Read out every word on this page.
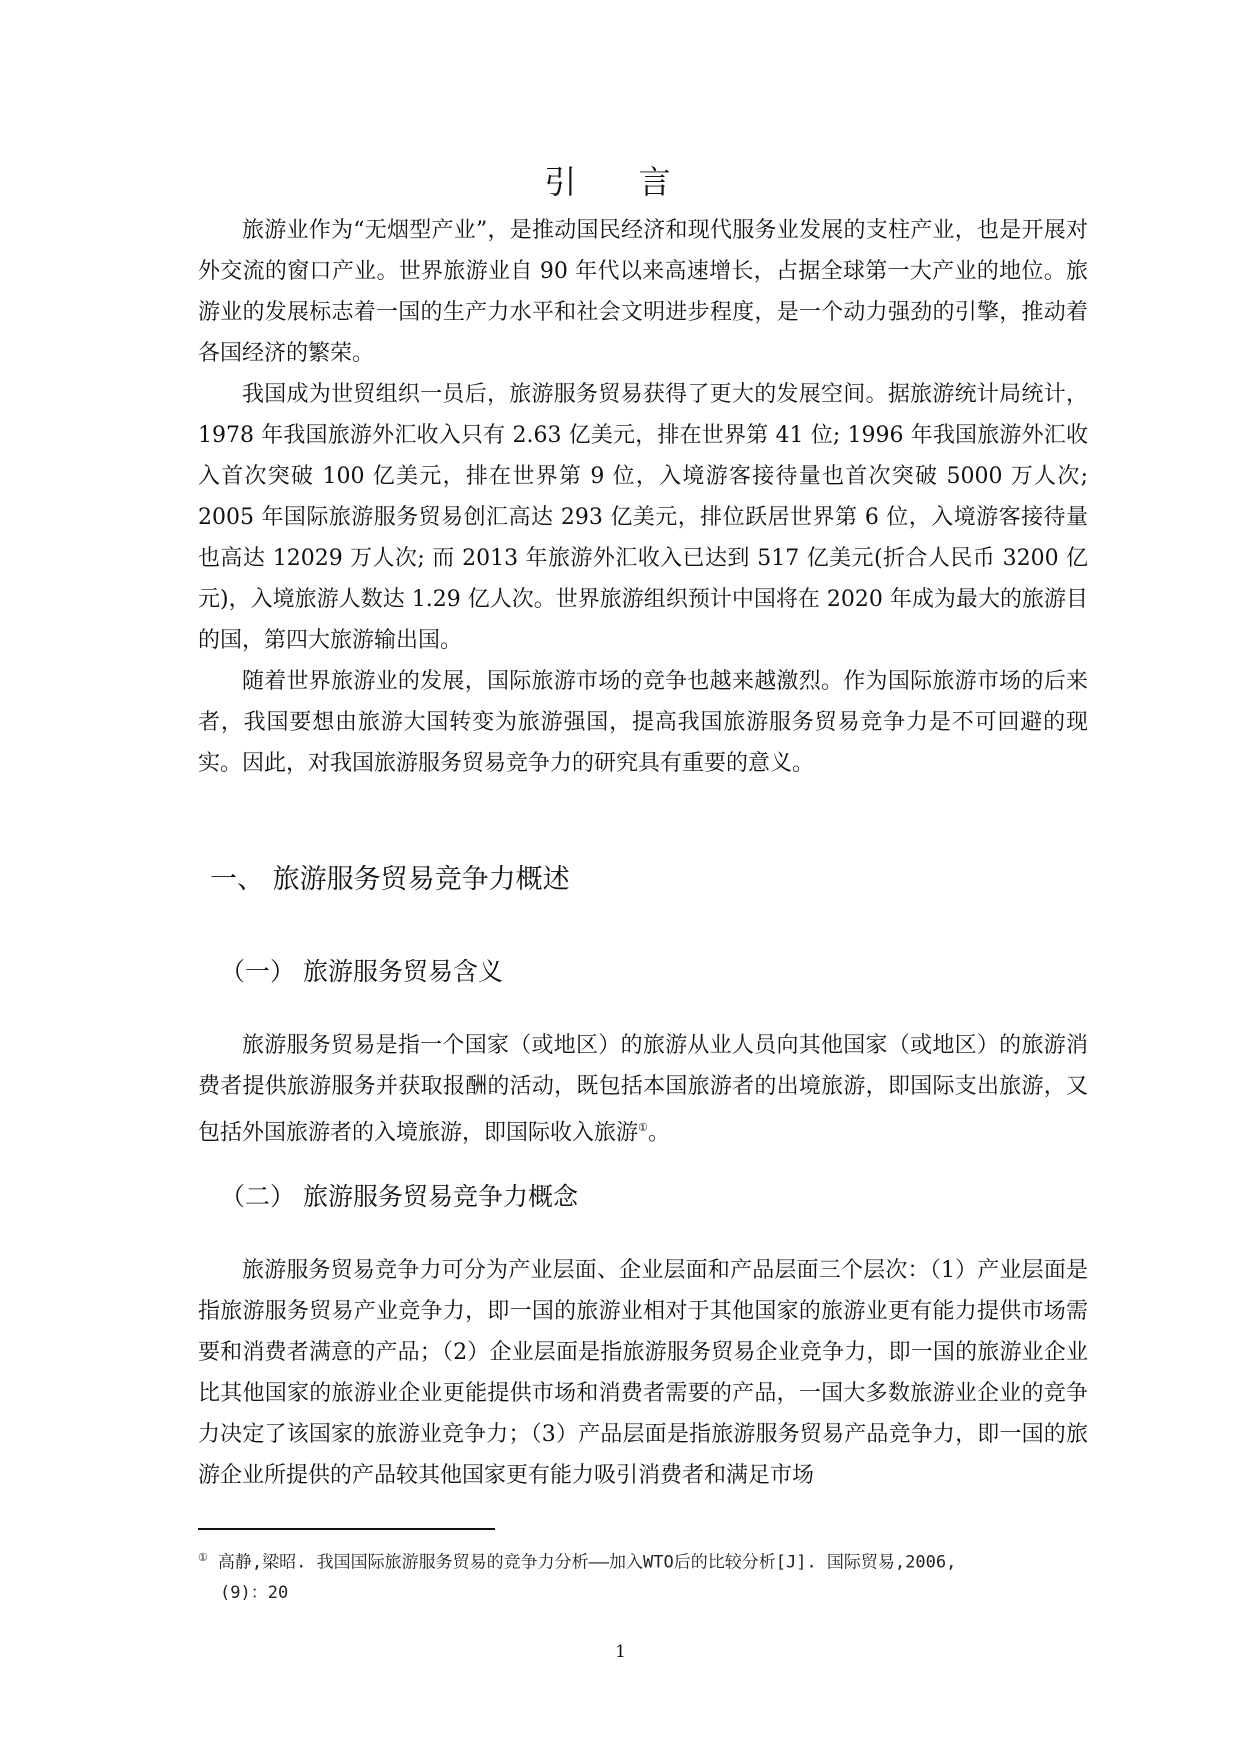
引 言

旅游业作为“无烟型产业”，是推动国民经济和现代服务业发展的支柱产业，也是开展对外交流的窗口产业。世界旅游业自 90 年代以来高速增长，占据全球第一大产业的地位。旅游业的发展标志着一国的生产力水平和社会文明进步程度，是一个动力强劲的引擎，推动着各国经济的繁荣。

我国成为世贸组织一员后，旅游服务贸易获得了更大的发展空间。据旅游统计局统计，1978 年我国旅游外汇收入只有 2.63 亿美元，排在世界第 41 位; 1996 年我国旅游外汇收入首次突破 100 亿美元，排在世界第 9 位，入境游客接待量也首次突破 5000 万人次; 2005 年国际旅游服务贸易创汇高达 293 亿美元，排位跃居世界第 6 位，入境游客接待量也高达 12029 万人次; 而 2013 年旅游外汇收入已达到 517 亿美元(折合人民币 3200 亿元)，入境旅游人数达 1.29 亿人次。世界旅游组织预计中国将在 2020 年成为最大的旅游目的国，第四大旅游输出国。

随着世界旅游业的发展，国际旅游市场的竞争也越来越激烈。作为国际旅游市场的后来者，我国要想由旅游大国转变为旅游强国，提高我国旅游服务贸易竞争力是不可回避的现实。因此，对我国旅游服务贸易竞争力的研究具有重要的意义。

一、 旅游服务贸易竞争力概述
（一） 旅游服务贸易含义

旅游服务贸易是指一个国家（或地区）的旅游从业人员向其他国家（或地区）的旅游消费者提供旅游服务并获取报酬的活动，既包括本国旅游者的出境旅游，即国际支出旅游，又包括外国旅游者的入境旅游，即国际收入旅游①。

（二） 旅游服务贸易竞争力概念

旅游服务贸易竞争力可分为产业层面、企业层面和产品层面三个层次：（1）产业层面是指旅游服务贸易产业竞争力，即一国的旅游业相对于其他国家的旅游业更有能力提供市场需要和消费者满意的产品；（2）企业层面是指旅游服务贸易企业竞争力，即一国的旅游业企业比其他国家的旅游业企业更能提供市场和消费者需要的产品，一国大多数旅游业企业的竞争力决定了该国家的旅游业竞争力；（3）产品层面是指旅游服务贸易产品竞争力，即一国的旅游企业所提供的产品较其他国家更有能力吸引消费者和满足市场

① 高静,梁昭. 我国国际旅游服务贸易的竞争力分析——加入WTO后的比较分析[J]. 国际贸易,2006,
(9)：20
1
